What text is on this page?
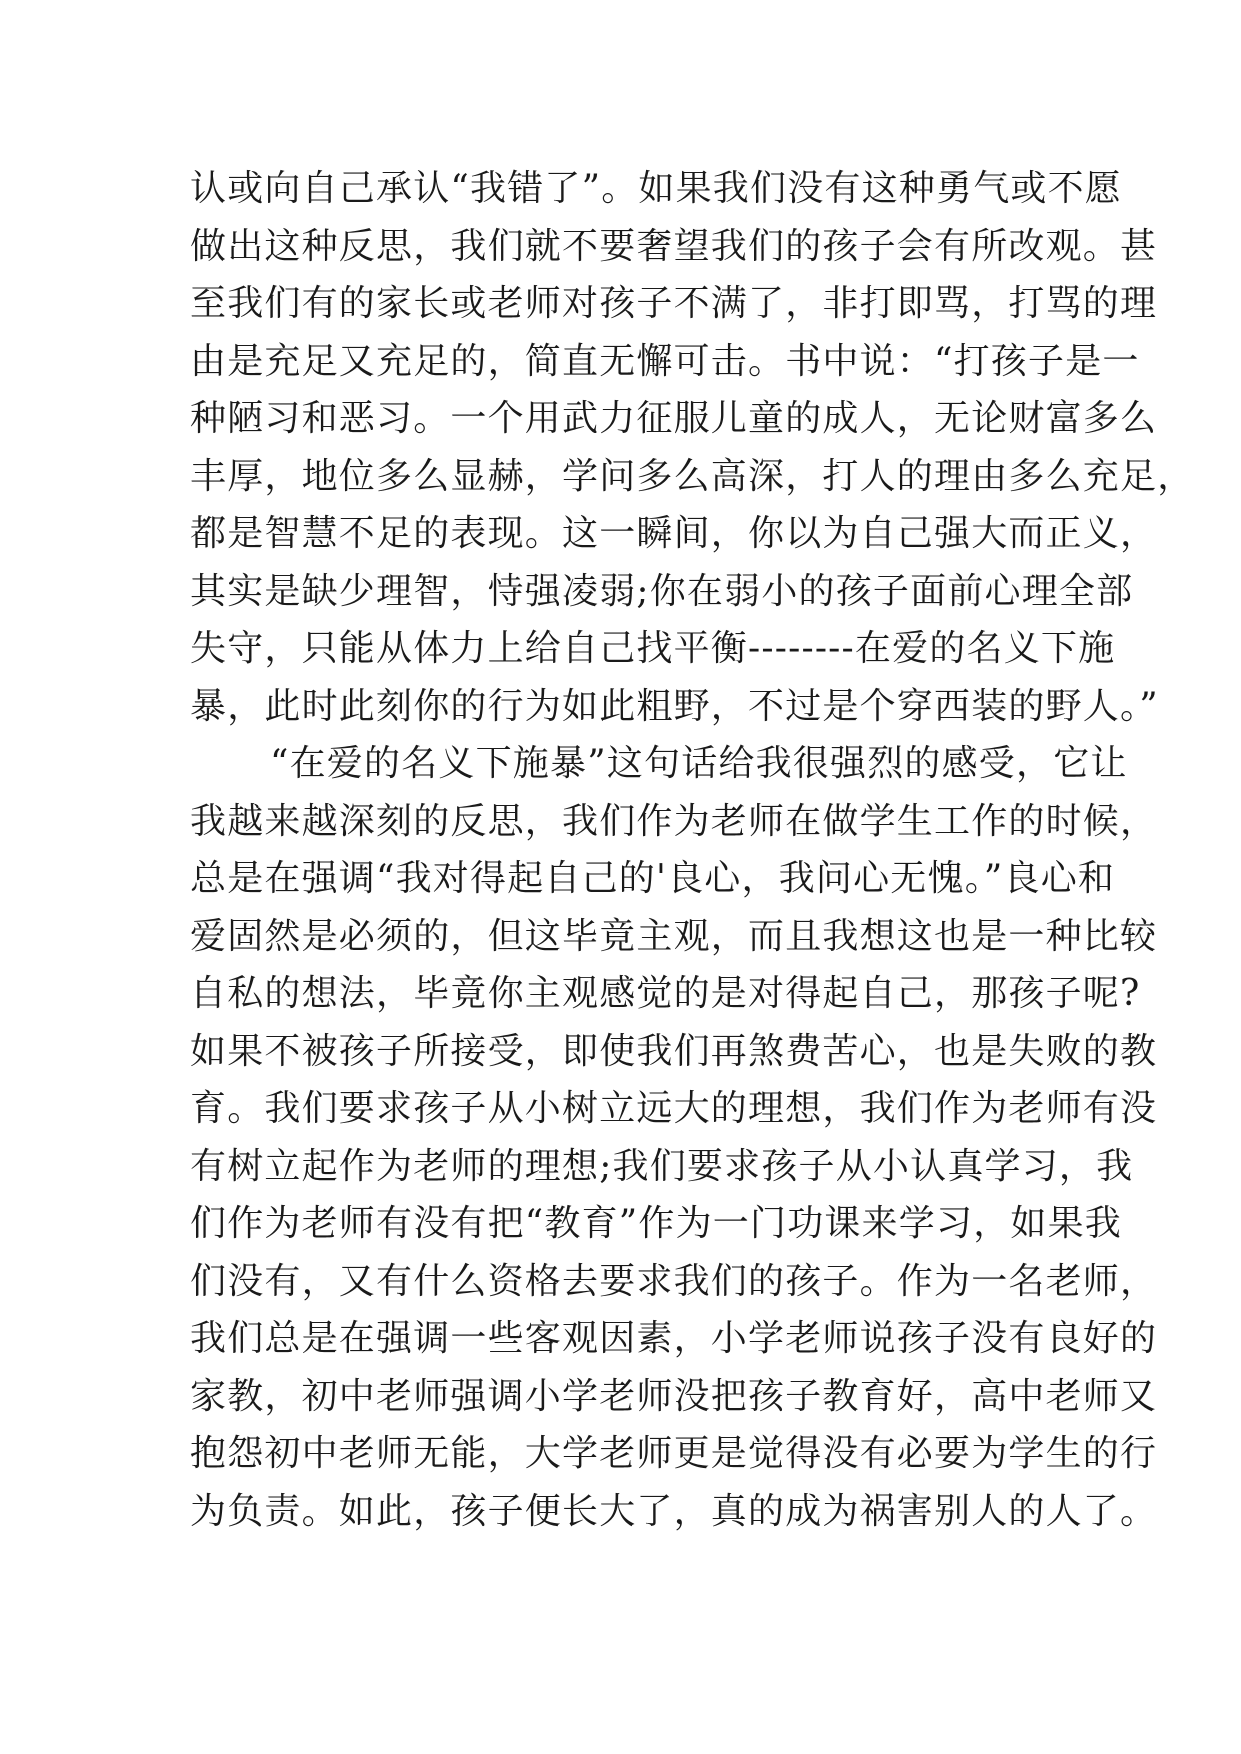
认或向自己承认“我错了”。如果我们没有这种勇气或不愿
做出这种反思，我们就不要奢望我们的孩子会有所改观。甚
至我们有的家长或老师对孩子不满了，非打即骂，打骂的理
由是充足又充足的，简直无懈可击。书中说：“打孩子是一
种陋习和恶习。一个用武力征服儿童的成人，无论财富多么
丰厚，地位多么显赫，学问多么高深，打人的理由多么充足，
都是智慧不足的表现。这一瞬间，你以为自己强大而正义，
其实是缺少理智，恃强凌弱;你在弱小的孩子面前心理全部
失守，只能从体力上给自己找平衡--------在爱的名义下施
暴，此时此刻你的行为如此粗野，不过是个穿西装的野人。”
“在爱的名义下施暴”这句话给我很强烈的感受，它让
我越来越深刻的反思，我们作为老师在做学生工作的时候，
总是在强调“我对得起自己的'良心，我问心无愧。”良心和
爱固然是必须的，但这毕竟主观，而且我想这也是一种比较
自私的想法，毕竟你主观感觉的是对得起自己，那孩子呢?
如果不被孩子所接受，即使我们再煞费苦心，也是失败的教
育。我们要求孩子从小树立远大的理想，我们作为老师有没
有树立起作为老师的理想;我们要求孩子从小认真学习，我
们作为老师有没有把“教育”作为一门功课来学习，如果我
们没有，又有什么资格去要求我们的孩子。作为一名老师，
我们总是在强调一些客观因素，小学老师说孩子没有良好的
家教，初中老师强调小学老师没把孩子教育好，高中老师又
抱怨初中老师无能，大学老师更是觉得没有必要为学生的行
为负责。如此，孩子便长大了，真的成为祸害别人的人了。
